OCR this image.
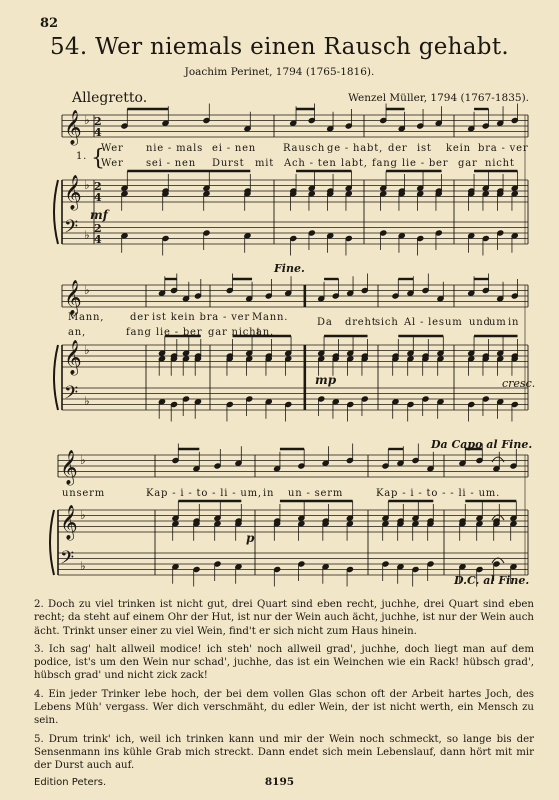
𝄞
𝄞
𝄢
♭
♭
♭
2
4
2
4
2
4
𝄞
𝄞
𝄢
♭
♭
♭
𝄞
𝄞
𝄢
♭
♭
♭
82
54. Wer niemals einen Rausch gehabt.
Joachim Perinet, 1794 (1765-1816).
Allegretto.	Wenzel Müller, 1794 (1767-1835).
1. {
Wer nie - mals ei - nen	Rausch ge - habt, der ist kein bra - ver
Wer sei - nen Durst mit Ach - ten labt, fang lie - ber gar nicht
mf
Mann,	der ist kein bra - ver Mann.	Da dreht
sich Al - les um und
um in
an,	fang lie - ber gar nicht
an.
Fine.
mp	cresc.
Da Capo al Fine.
unserm	Kap - i - to - li - um, in un - serm	Kap - i - to - - li - um.
p
D.C. al Fine.

2. Doch zu viel trinken ist nicht gut, drei Quart sind eben recht, juchhe, drei Quart sind eben recht; da steht auf einem Ohr der Hut, ist nur der Wein auch ächt, juchhe, ist nur der Wein auch ächt. Trinkt unser einer zu viel Wein, find't er sich nicht zum Haus hinein.

3. Ich sag' halt allweil modice! ich steh' noch allweil grad', juchhe, doch liegt man auf dem podice, ist's um den Wein nur schad', juchhe, das ist ein Weinchen wie ein Rack! hübsch grad', hübsch grad' und nicht zick zack!

4. Ein jeder Trinker lebe hoch, der bei dem vollen Glas schon oft der Arbeit hartes Joch, des Lebens Müh' vergass. Wer dich verschmäht, du edler Wein, der ist nicht werth, ein Mensch zu sein.

5. Drum trink' ich, weil ich trinken kann und mir der Wein noch schmeckt, so lange bis der Sensenmann ins kühle Grab mich streckt. Dann endet sich mein Lebenslauf, dann hört mit mir der Durst auch auf.

Edition Peters.	8195
